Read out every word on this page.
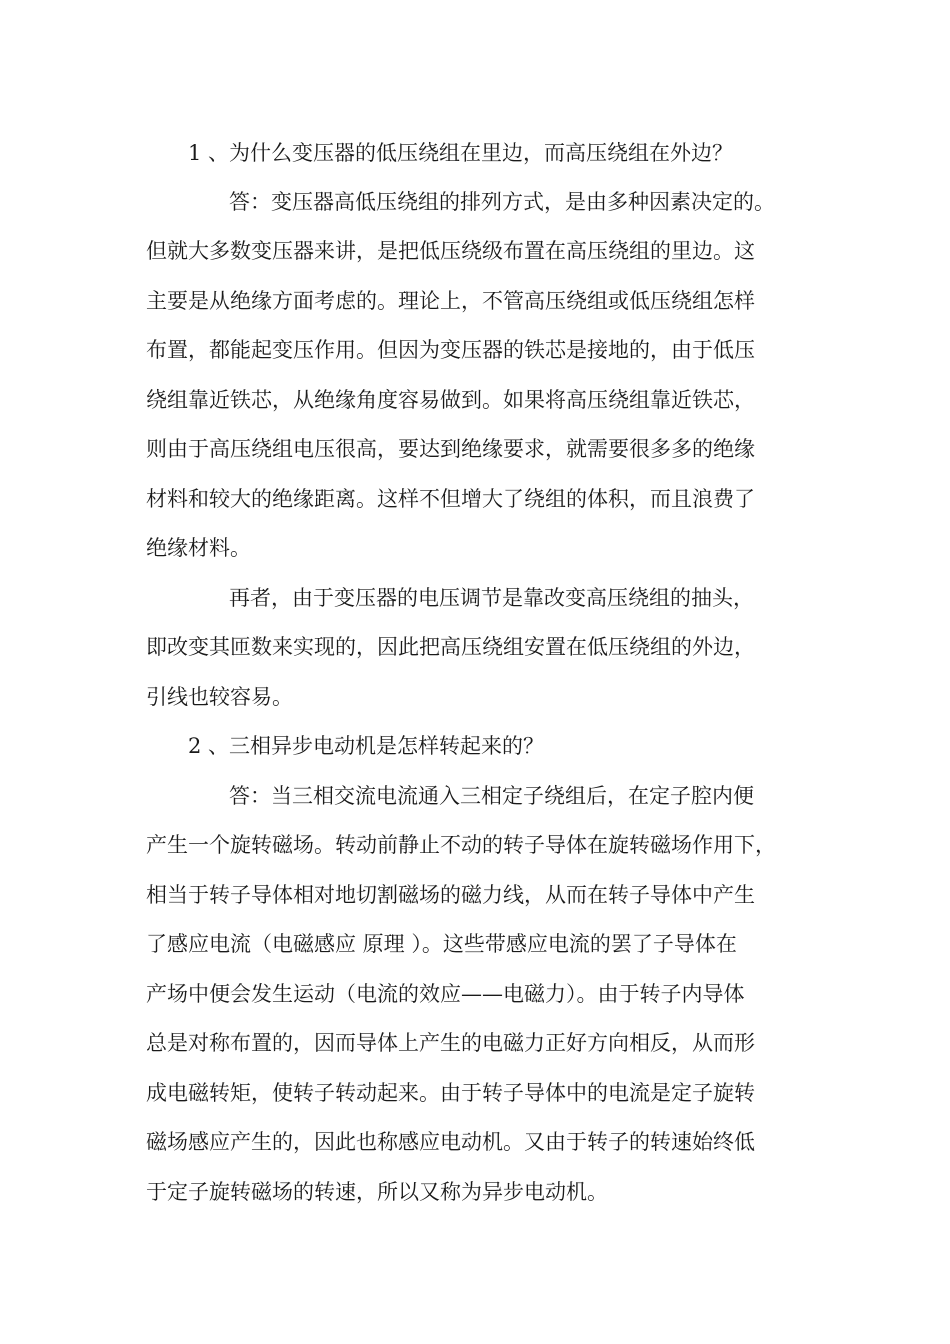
1 、为什么变压器的低压绕组在里边，而高压绕组在外边？

答：变压器高低压绕组的排列方式，是由多种因素决定的。

但就大多数变压器来讲，是把低压绕级布置在高压绕组的里边。这

主要是从绝缘方面考虑的。理论上，不管高压绕组或低压绕组怎样

布置，都能起变压作用。但因为变压器的铁芯是接地的，由于低压

绕组靠近铁芯，从绝缘角度容易做到。如果将高压绕组靠近铁芯，

则由于高压绕组电压很高，要达到绝缘要求，就需要很多多的绝缘

材料和较大的绝缘距离。这样不但增大了绕组的体积，而且浪费了

绝缘材料。

再者，由于变压器的电压调节是靠改变高压绕组的抽头，

即改变其匝数来实现的，因此把高压绕组安置在低压绕组的外边，

引线也较容易。

2 、三相异步电动机是怎样转起来的？

答：当三相交流电流通入三相定子绕组后，在定子腔内便

产生一个旋转磁场。转动前静止不动的转子导体在旋转磁场作用下，

相当于转子导体相对地切割磁场的磁力线，从而在转子导体中产生

了感应电流（电磁感应 原理 ）。这些带感应电流的罢了子导体在

产场中便会发生运动（电流的效应——电磁力）。由于转子内导体

总是对称布置的，因而导体上产生的电磁力正好方向相反，从而形

成电磁转矩，使转子转动起来。由于转子导体中的电流是定子旋转

磁场感应产生的，因此也称感应电动机。又由于转子的转速始终低

于定子旋转磁场的转速，所以又称为异步电动机。
